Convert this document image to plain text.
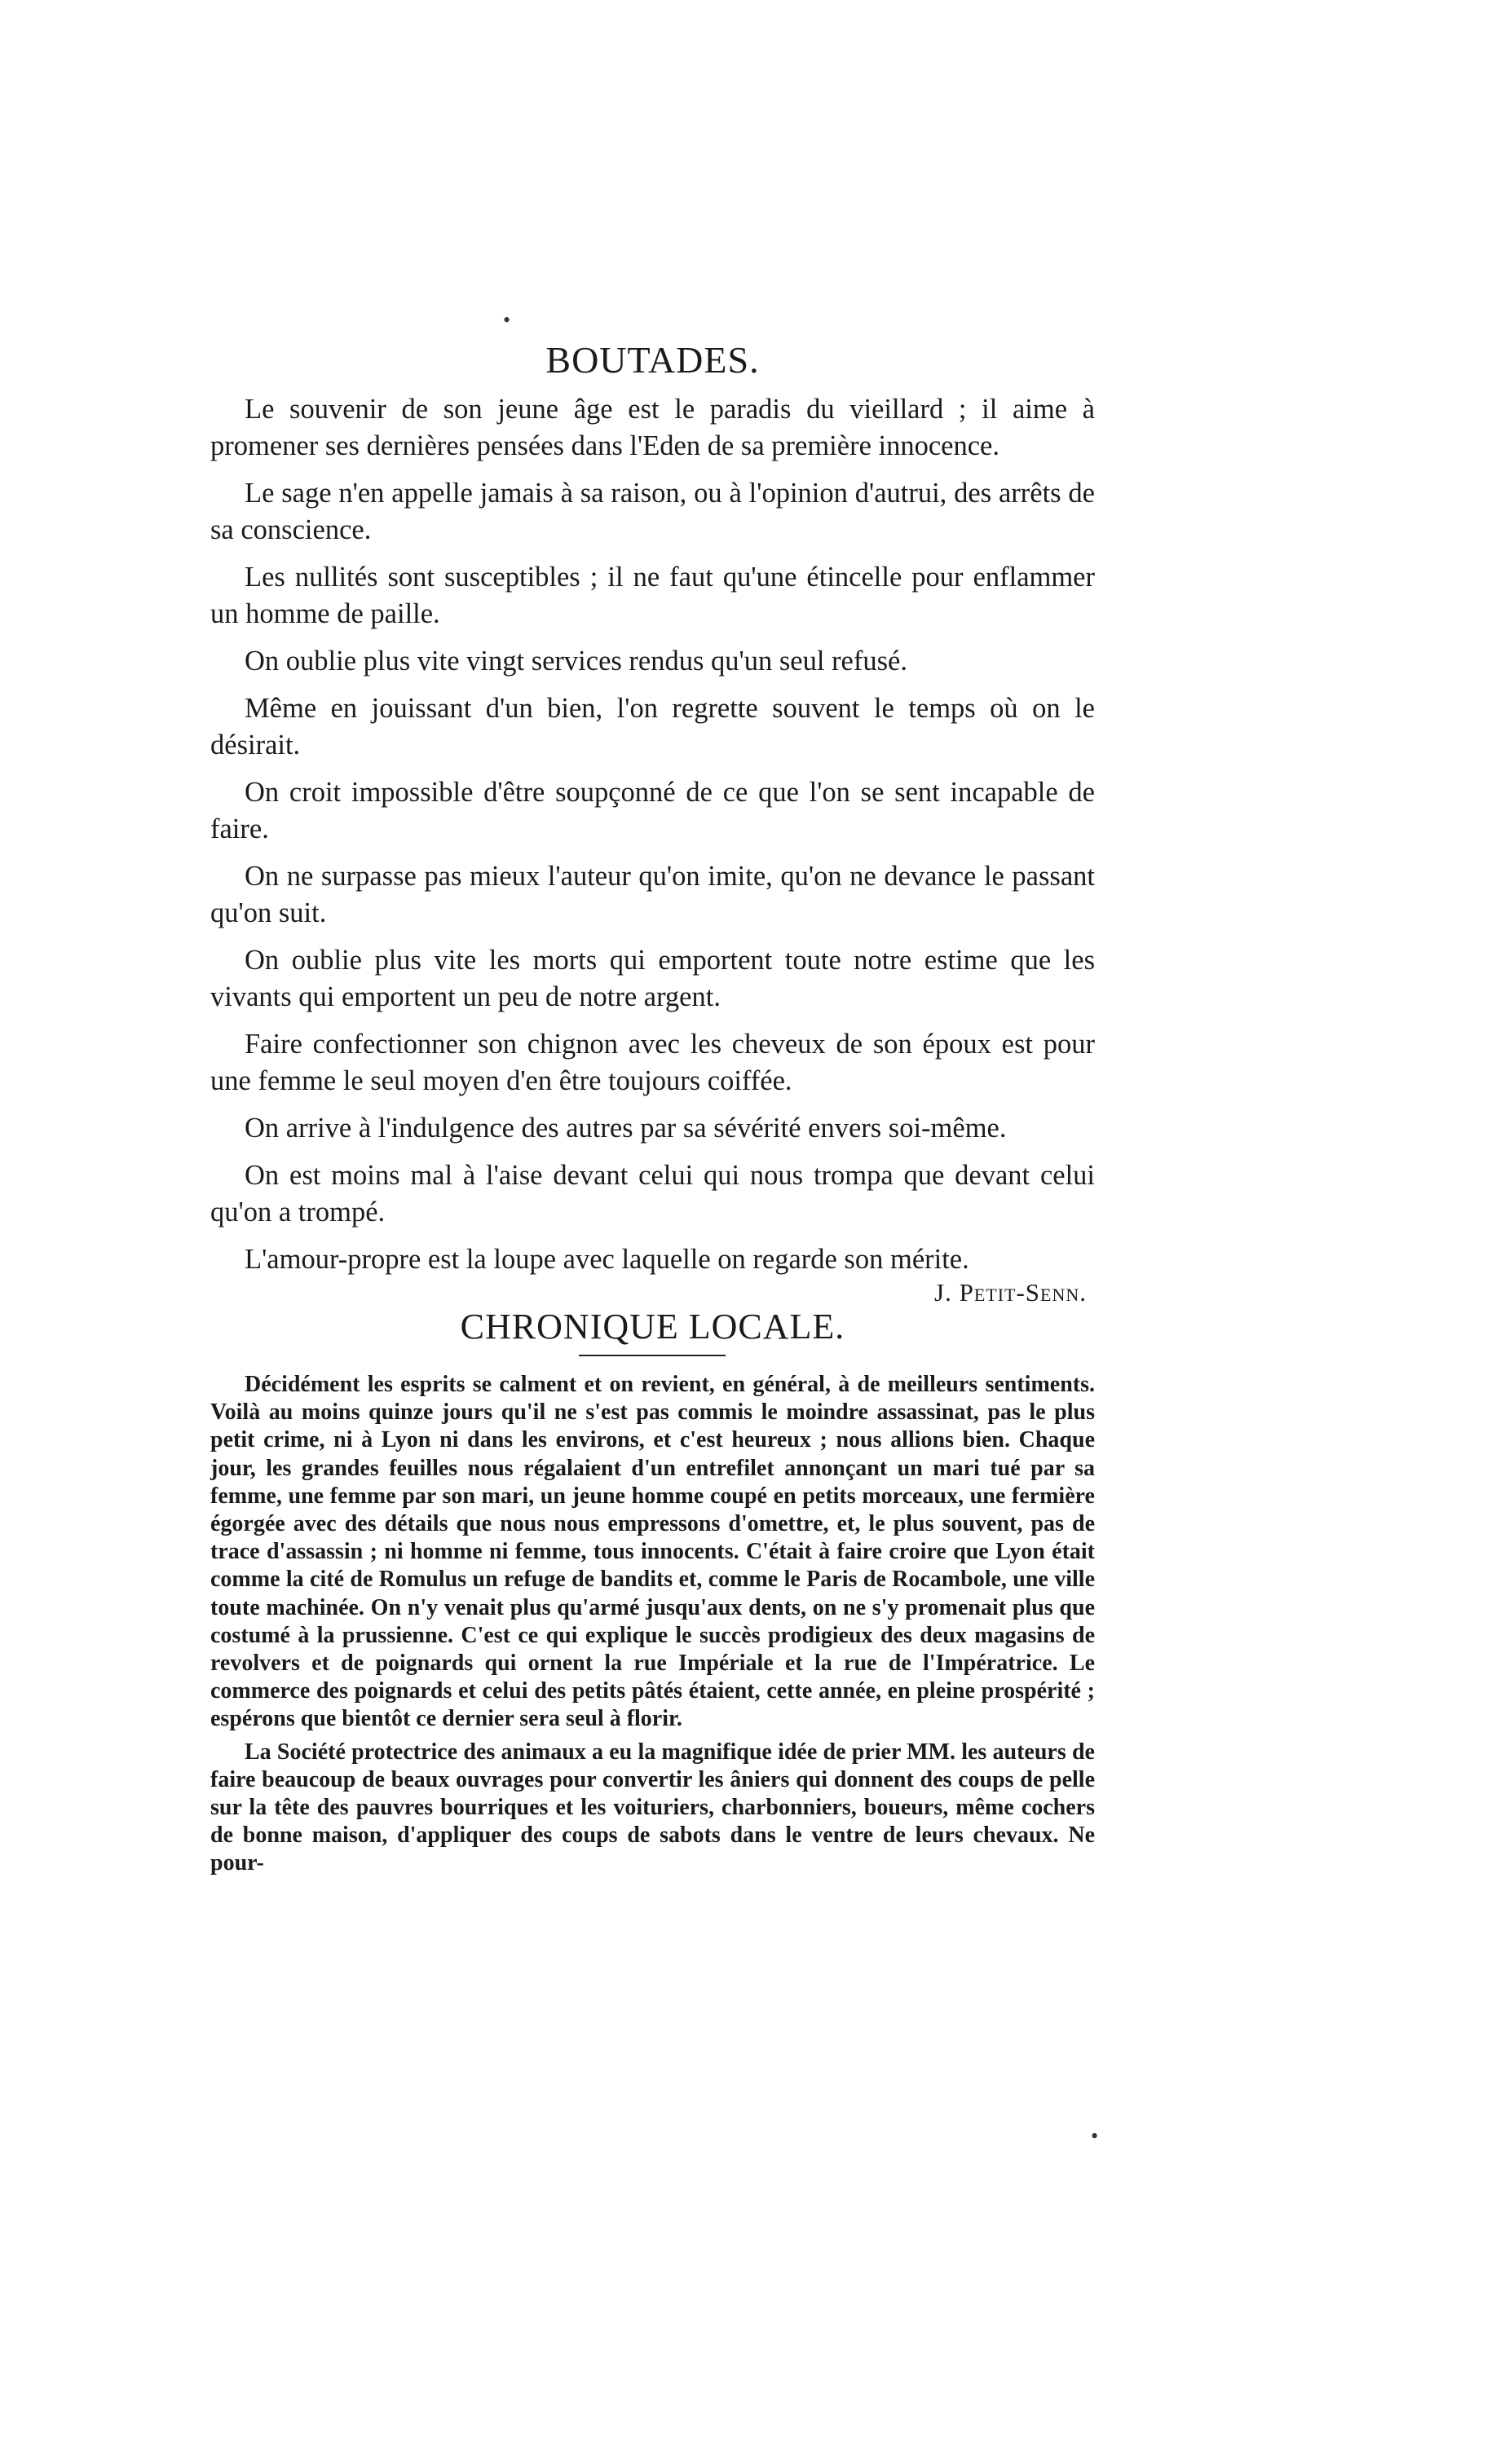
•
•
BOUTADES.

Le souvenir de son jeune âge est le paradis du vieillard ; il aime à promener ses dernières pensées dans l'Eden de sa première innocence.

Le sage n'en appelle jamais à sa raison, ou à l'opinion d'autrui, des arrêts de sa conscience.

Les nullités sont susceptibles ; il ne faut qu'une étincelle pour enflammer un homme de paille.

On oublie plus vite vingt services rendus qu'un seul refusé.

Même en jouissant d'un bien, l'on regrette souvent le temps où on le désirait.

On croit impossible d'être soupçonné de ce que l'on se sent incapable de faire.

On ne surpasse pas mieux l'auteur qu'on imite, qu'on ne devance le passant qu'on suit.

On oublie plus vite les morts qui emportent toute notre estime que les vivants qui emportent un peu de notre argent.

Faire confectionner son chignon avec les cheveux de son époux est pour une femme le seul moyen d'en être toujours coiffée.

On arrive à l'indulgence des autres par sa sévérité envers soi-même.

On est moins mal à l'aise devant celui qui nous trompa que devant celui qu'on a trompé.

L'amour-propre est la loupe avec laquelle on regarde son mérite.

J. Petit-Senn.

CHRONIQUE LOCALE.

Décidément les esprits se calment et on revient, en général, à de meilleurs sentiments. Voilà au moins quinze jours qu'il ne s'est pas commis le moindre assassinat, pas le plus petit crime, ni à Lyon ni dans les environs, et c'est heureux ; nous allions bien. Chaque jour, les grandes feuilles nous régalaient d'un entrefilet annonçant un mari tué par sa femme, une femme par son mari, un jeune homme coupé en petits morceaux, une fermière égorgée avec des détails que nous nous empressons d'omettre, et, le plus souvent, pas de trace d'assassin ; ni homme ni femme, tous innocents. C'était à faire croire que Lyon était comme la cité de Romulus un refuge de bandits et, comme le Paris de Rocambole, une ville toute machinée. On n'y venait plus qu'armé jusqu'aux dents, on ne s'y promenait plus que costumé à la prussienne. C'est ce qui explique le succès prodigieux des deux magasins de revolvers et de poignards qui ornent la rue Impériale et la rue de l'Impératrice. Le commerce des poignards et celui des petits pâtés étaient, cette année, en pleine prospérité ; espérons que bientôt ce dernier sera seul à florir.

La Société protectrice des animaux a eu la magnifique idée de prier MM. les auteurs de faire beaucoup de beaux ouvrages pour convertir les âniers qui donnent des coups de pelle sur la tête des pauvres bourriques et les voituriers, charbonniers, boueurs, même cochers de bonne maison, d'appliquer des coups de sabots dans le ventre de leurs chevaux. Ne pour-
